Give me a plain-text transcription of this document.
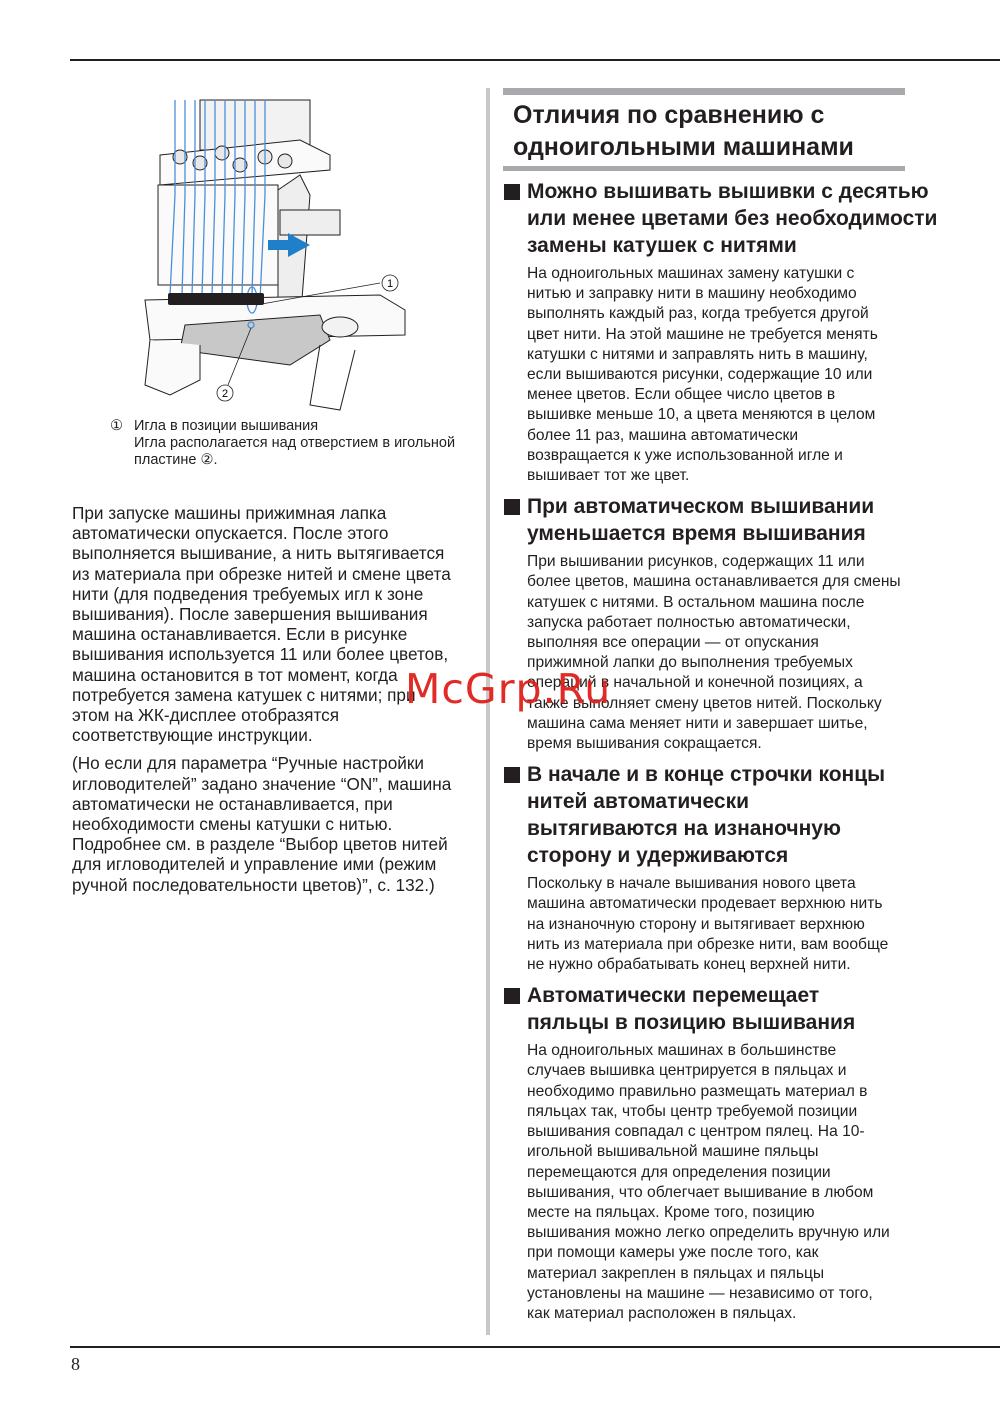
1
2
① Игла в позиции вышивания
Игла располагается над отверстием в игольной
пластине ②.
При запуске машины прижимная лапка
автоматически опускается. После этого
выполняется вышивание, а нить вытягивается
из материала при обрезке нитей и смене цвета
нити (для подведения требуемых игл к зоне
вышивания). После завершения вышивания
машина останавливается. Если в рисунке
вышивания используется 11 или более цветов,
машина остановится в тот момент, когда
потребуется замена катушек с нитями; при
этом на ЖК-дисплее отобразятся
соответствующие инструкции.
(Но если для параметра “Ручные настройки
игловодителей” задано значение “ON”, машина
автоматически не останавливается, при
необходимости смены катушки с нитью.
Подробнее см. в разделе “Выбор цветов нитей
для игловодителей и управление ими (режим
ручной последовательности цветов)”, с. 132.)
Отличия по сравнению с
одноигольными машинами
Можно вышивать вышивки с десятью
или менее цветами без необходимости
замены катушек с нитями
На одноигольных машинах замену катушки с
нитью и заправку нити в машину необходимо
выполнять каждый раз, когда требуется другой
цвет нити. На этой машине не требуется менять
катушки с нитями и заправлять нить в машину,
если вышиваются рисунки, содержащие 10 или
менее цветов. Если общее число цветов в
вышивке меньше 10, а цвета меняются в целом
более 11 раз, машина автоматически
возвращается к уже использованной игле и
вышивает тот же цвет.
При автоматическом вышивании
уменьшается время вышивания
При вышивании рисунков, содержащих 11 или
более цветов, машина останавливается для смены
катушек с нитями. В остальном машина после
запуска работает полностью автоматически,
выполняя все операции — от опускания
прижимной лапки до выполнения требуемых
операций в начальной и конечной позициях, а
также выполняет смену цветов нитей. Поскольку
машина сама меняет нити и завершает шитье,
время вышивания сокращается.
В начале и в конце строчки концы
нитей автоматически
вытягиваются на изнаночную
сторону и удерживаются
Поскольку в начале вышивания нового цвета
машина автоматически продевает верхнюю нить
на изнаночную сторону и вытягивает верхнюю
нить из материала при обрезке нити, вам вообще
не нужно обрабатывать конец верхней нити.
Автоматически перемещает
пяльцы в позицию вышивания
На одноигольных машинах в большинстве
случаев вышивка центрируется в пяльцах и
необходимо правильно размещать материал в
пяльцах так, чтобы центр требуемой позиции
вышивания совпадал с центром пялец. На 10-
игольной вышивальной машине пяльцы
перемещаются для определения позиции
вышивания, что облегчает вышивание в любом
месте на пяльцах. Кроме того, позицию
вышивания можно легко определить вручную или
при помощи камеры уже после того, как
материал закреплен в пяльцах и пяльцы
установлены на машине — независимо от того,
как материал расположен в пяльцах.
McGrp.Ru
8
